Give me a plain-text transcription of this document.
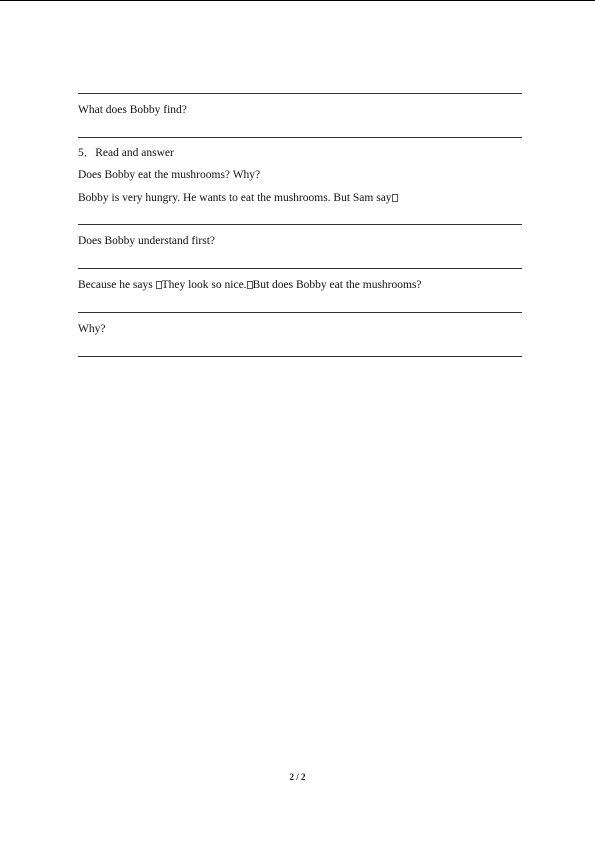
What does Bobby find?
5．Read and answer
Does Bobby eat the mushrooms? Why?
Bobby is very hungry. He wants to eat the mushrooms. But Sam say
Does Bobby understand first?
Because he says They look so nice. But does Bobby eat the mushrooms?
Why?
2 / 2
